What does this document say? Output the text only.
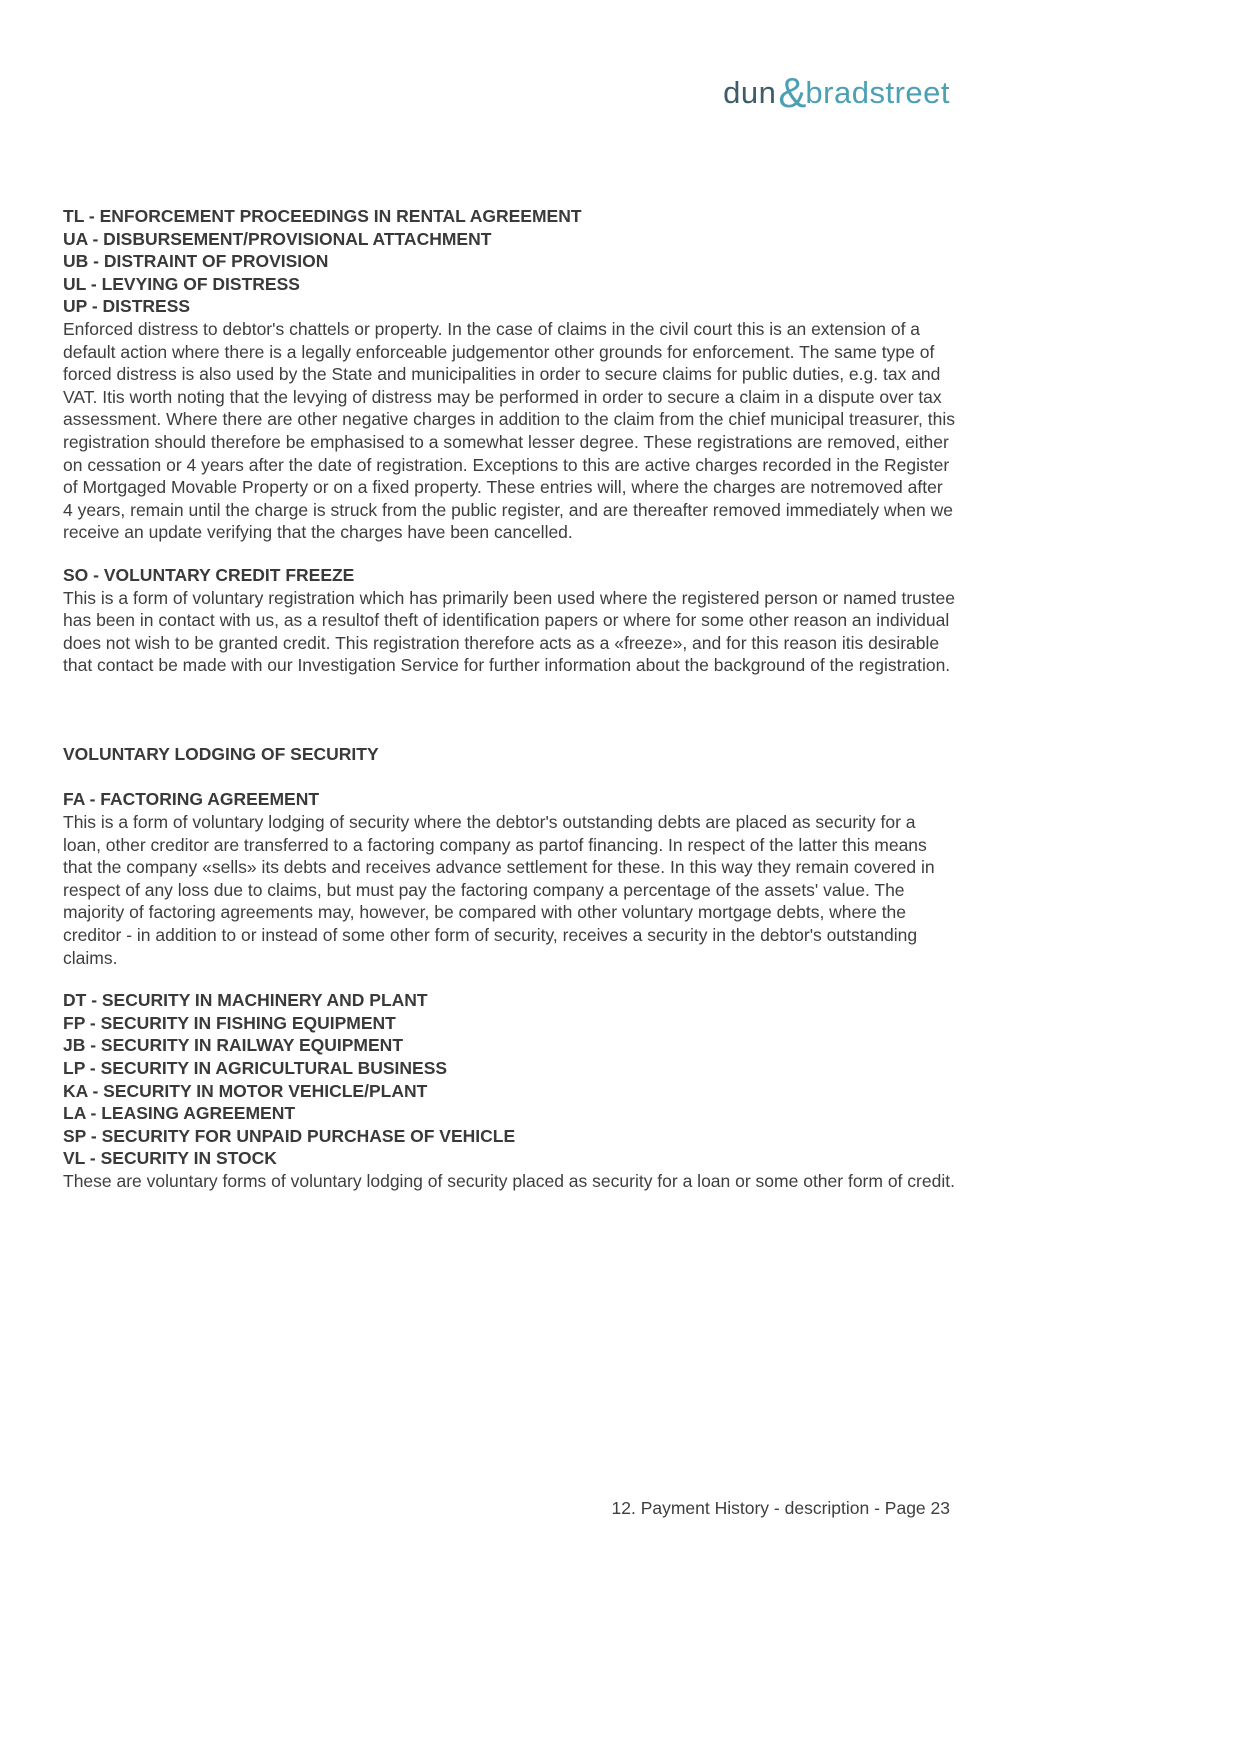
dun&bradstreet
TL - ENFORCEMENT PROCEEDINGS IN RENTAL AGREEMENT
UA - DISBURSEMENT/PROVISIONAL ATTACHMENT
UB - DISTRAINT OF PROVISION
UL - LEVYING OF DISTRESS
UP - DISTRESS

Enforced distress to debtor's chattels or property. In the case of claims in the civil court this is an extension of a default action where there is a legally enforceable judgementor other grounds for enforcement. The same type of forced distress is also used by the State and municipalities in order to secure claims for public duties, e.g. tax and VAT. Itis worth noting that the levying of distress may be performed in order to secure a claim in a dispute over tax assessment. Where there are other negative charges in addition to the claim from the chief municipal treasurer, this registration should therefore be emphasised to a somewhat lesser degree. These registrations are removed, either on cessation or 4 years after the date of registration. Exceptions to this are active charges recorded in the Register of Mortgaged Movable Property or on a fixed property. These entries will, where the charges are notremoved after 4 years, remain until the charge is struck from the public register, and are thereafter removed immediately when we receive an update verifying that the charges have been cancelled.

SO - VOLUNTARY CREDIT FREEZE

This is a form of voluntary registration which has primarily been used where the registered person or named trustee has been in contact with us, as a resultof theft of identification papers or where for some other reason an individual does not wish to be granted credit. This registration therefore acts as a «freeze», and for this reason itis desirable that contact be made with our Investigation Service for further information about the background of the registration.

VOLUNTARY LODGING OF SECURITY
FA - FACTORING AGREEMENT

This is a form of voluntary lodging of security where the debtor's outstanding debts are placed as security for a loan, other creditor are transferred to a factoring company as partof financing. In respect of the latter this means that the company «sells» its debts and receives advance settlement for these. In this way they remain covered in respect of any loss due to claims, but must pay the factoring company a percentage of the assets' value. The majority of factoring agreements may, however, be compared with other voluntary mortgage debts, where the creditor - in addition to or instead of some other form of security, receives a security in the debtor's outstanding claims.

DT - SECURITY IN MACHINERY AND PLANT
FP - SECURITY IN FISHING EQUIPMENT
JB - SECURITY IN RAILWAY EQUIPMENT
LP - SECURITY IN AGRICULTURAL BUSINESS
KA - SECURITY IN MOTOR VEHICLE/PLANT
LA - LEASING AGREEMENT
SP - SECURITY FOR UNPAID PURCHASE OF VEHICLE
VL - SECURITY IN STOCK

These are voluntary forms of voluntary lodging of security placed as security for a loan or some other form of credit.

12. Payment History - description - Page 23
